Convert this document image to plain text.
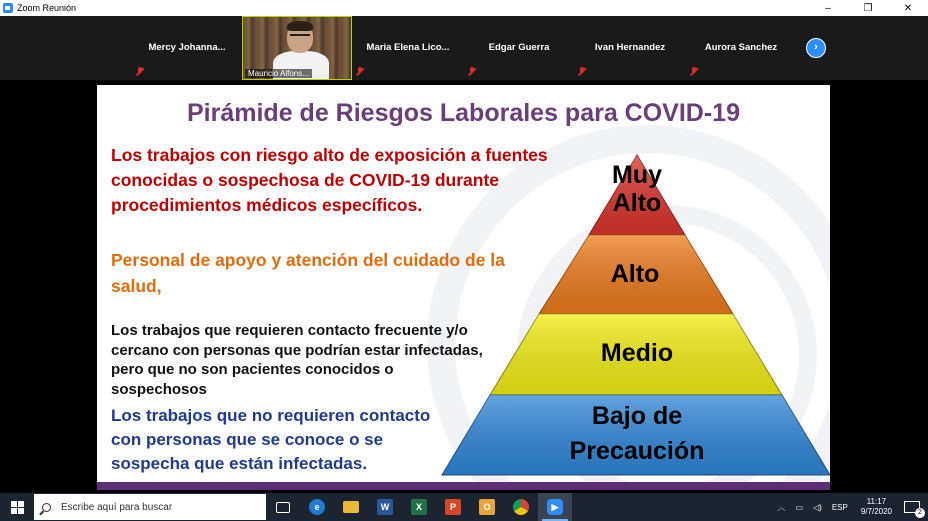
Zoom Reunión	–	❐	✕
Mercy Johanna...
Mauricio Alfons...
Maria Elena Lico...	Edgar Guerra	Ivan Hernandez	Aurora Sanchez	›
Pirámide de Riesgos Laborales para COVID-19
Los trabajos con riesgo alto de exposición a fuentes conocidas o sospechosa de COVID-19 durante procedimientos médicos específicos.
Personal de apoyo y atención del cuidado de la salud,
Los trabajos que requieren contacto frecuente y/o cercano con personas que podrían estar infectadas, pero que no son pacientes conocidos o sospechosos
Los trabajos que no requieren contacto con personas que se conoce o se sospecha que están infectadas.
Muy
Alto
Alto
Medio
Bajo de
Precaución
Escribe aquí para buscar	e	W	X	P	O	▶	︿ ▭ ◁) ESP
11:17
9/7/2020	2
